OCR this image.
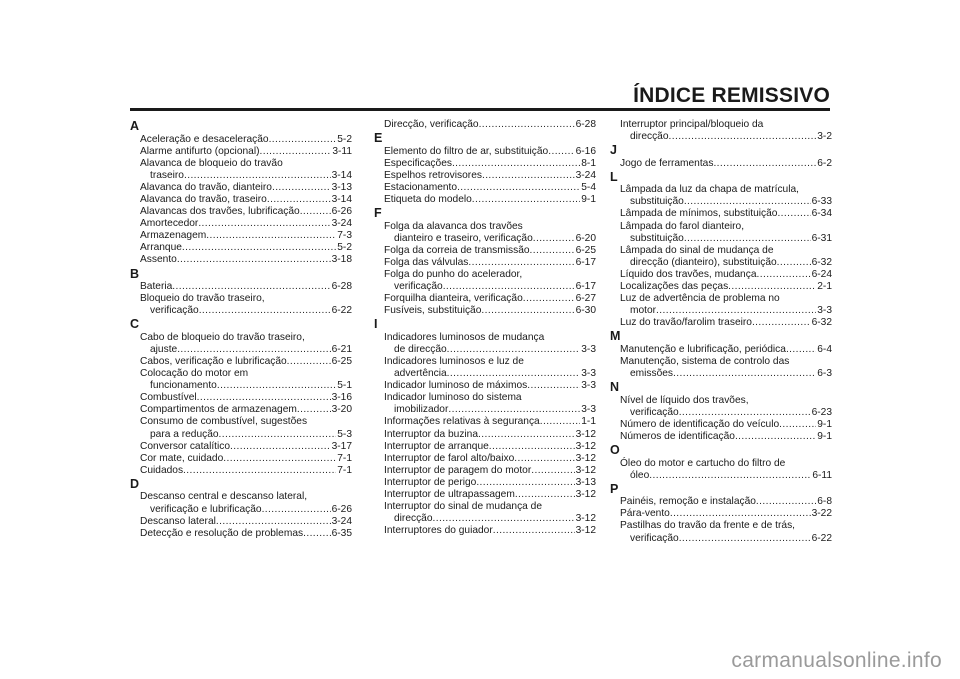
ÍNDICE REMISSIVO
A
Aceleração e desaceleração .....	5-2
Alarme antifurto (opcional) .....	3-11
Alavanca de bloqueio do travão
traseiro .....	3-14
Alavanca do travão, dianteiro .....	3-13
Alavanca do travão, traseiro .....	3-14
Alavancas dos travões, lubrificação .....	6-26
Amortecedor .....	3-24
Armazenagem .....	7-3
Arranque .....	5-2
Assento .....	3-18
B
Bateria .....	6-28
Bloqueio do travão traseiro,
verificação .....	6-22
C
Cabo de bloqueio do travão traseiro,
ajuste .....	6-21
Cabos, verificação e lubrificação .....	6-25
Colocação do motor em
funcionamento .....	5-1
Combustível .....	3-16
Compartimentos de armazenagem .....	3-20
Consumo de combustível, sugestões
para a redução .....	5-3
Conversor catalítico .....	3-17
Cor mate, cuidado .....	7-1
Cuidados .....	7-1
D
Descanso central e descanso lateral,
verificação e lubrificação .....	6-26
Descanso lateral .....	3-24
Detecção e resolução de problemas .....	6-35
Direcção, verificação .....	6-28
E
Elemento do filtro de ar, substituição .....	6-16
Especificações .....	8-1
Espelhos retrovisores .....	3-24
Estacionamento .....	5-4
Etiqueta do modelo .....	9-1
F
Folga da alavanca dos travões
dianteiro e traseiro, verificação .....	6-20
Folga da correia de transmissão .....	6-25
Folga das válvulas .....	6-17
Folga do punho do acelerador,
verificação .....	6-17
Forquilha dianteira, verificação .....	6-27
Fusíveis, substituição .....	6-30
I
Indicadores luminosos de mudança
de direcção .....	3-3
Indicadores luminosos e luz de
advertência .....	3-3
Indicador luminoso de máximos .....	3-3
Indicador luminoso do sistema
imobilizador .....	3-3
Informações relativas à segurança .....	1-1
Interruptor da buzina .....	3-12
Interruptor de arranque .....	3-12
Interruptor de farol alto/baixo .....	3-12
Interruptor de paragem do motor .....	3-12
Interruptor de perigo .....	3-13
Interruptor de ultrapassagem .....	3-12
Interruptor do sinal de mudança de
direcção .....	3-12
Interruptores do guiador .....	3-12
Interruptor principal/bloqueio da
direcção .....	3-2
J
Jogo de ferramentas .....	6-2
L
Lâmpada da luz da chapa de matrícula,
substituição .....	6-33
Lâmpada de mínimos, substituição .....	6-34
Lâmpada do farol dianteiro,
substituição .....	6-31
Lâmpada do sinal de mudança de
direcção (dianteiro), substituição .....	6-32
Líquido dos travões, mudança .....	6-24
Localizações das peças .....	2-1
Luz de advertência de problema no
motor .....	3-3
Luz do travão/farolim traseiro .....	6-32
M
Manutenção e lubrificação, periódica .....	6-4
Manutenção, sistema de controlo das
emissões .....	6-3
N
Nível de líquido dos travões,
verificação .....	6-23
Número de identificação do veículo .....	9-1
Números de identificação .....	9-1
O
Óleo do motor e cartucho do filtro de
óleo .....	6-11
P
Painéis, remoção e instalação .....	6-8
Pára-vento .....	3-22
Pastilhas do travão da frente e de trás,
verificação .....	6-22
carmanualsonline.info
